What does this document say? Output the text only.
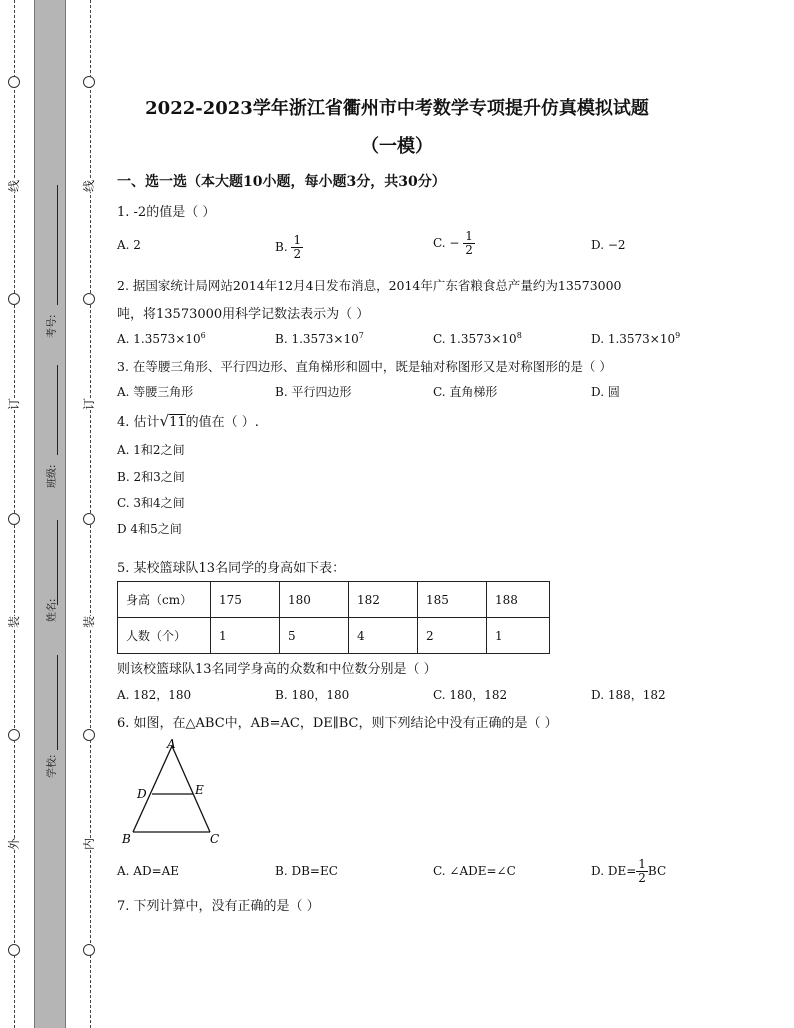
线
订
装
外
线
订
装
内
考号:
班级:
姓名:
学校:
2022-2023学年浙江省衢州市中考数学专项提升仿真模拟试题
（一模）
一、选一选（本大题10小题，每小题3分，共30分）
1. -2的值是（ ）
A. 2	B. $\frac{1}{2}$	C. − $\frac{1}{2}$	D. −2
2. 据国家统计局网站2014年12月4日发布消息，2014年广东省粮食总产量约为13573000
吨，将13573000用科学记数法表示为（ ）
A. $1.3573\times 10^6$	B. $1.3573\times 10^7$	C. $1.3573\times 10^8$	D. $1.3573\times 10^9$
3. 在等腰三角形、平行四边形、直角梯形和圆中，既是轴对称图形又是对称图形的是（ ）
A. 等腰三角形	B. 平行四边形	C. 直角梯形	D. 圆
4. 估计√11的值在（ ）.
A. 1和2之间
B. 2和3之间
C. 3和4之间
D 4和5之间
5. 某校篮球队13名同学的身高如下表：
则该校篮球队13名同学身高的众数和中位数分别是（ ）
A. 182，180	B. 180，180	C. 180，182	D. 188，182
6. 如图，在△ABC中，AB=AC，DE∥BC，则下列结论中没有正确的是（ ）
A. AD=AE	B. DB=EC	C. ∠ADE=∠C	D. $DE= \frac{1}{2}$ BC
7. 下列计算中，没有正确的是（ ）
身高（cm）	175	180	182	185	188
人数（个）	1	5	4	2	1
A
D	E
B	C
